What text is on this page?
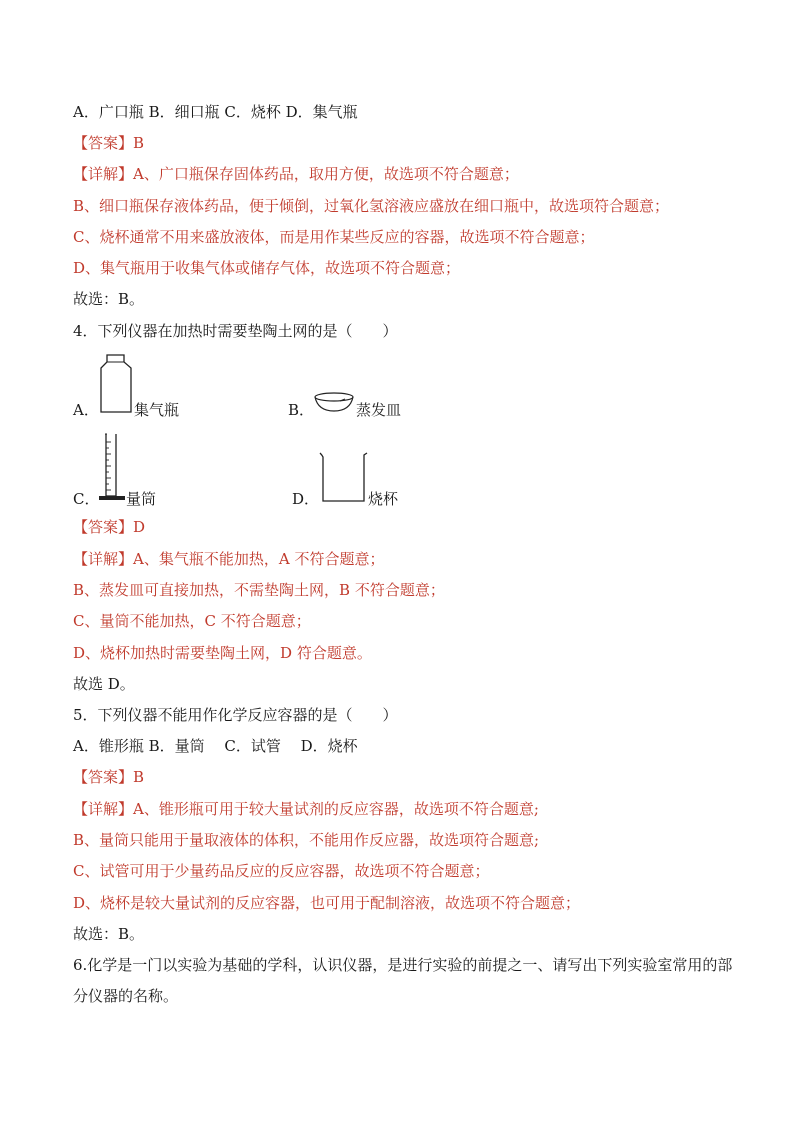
A．广口瓶 B．细口瓶 C．烧杯 D．集气瓶
【答案】B
【详解】A、广口瓶保存固体药品，取用方便，故选项不符合题意；
B、细口瓶保存液体药品，便于倾倒，过氧化氢溶液应盛放在细口瓶中，故选项符合题意；
C、烧杯通常不用来盛放液体，而是用作某些反应的容器，故选项不符合题意；
D、集气瓶用于收集气体或储存气体，故选项不符合题意；
故选：B。
4．下列仪器在加热时需要垫陶土网的是（　　）
A． 集气瓶	B．	蒸发皿
C． 量筒	D．	烧杯
【答案】D
【详解】A、集气瓶不能加热，A 不符合题意；
B、蒸发皿可直接加热，不需垫陶土网，B 不符合题意；
C、量筒不能加热，C 不符合题意；
D、烧杯加热时需要垫陶土网，D 符合题意。
故选 D。
5．下列仪器不能用作化学反应容器的是（　　）
A．锥形瓶 B．量筒　 C．试管　 D．烧杯
【答案】B
【详解】A、锥形瓶可用于较大量试剂的反应容器，故选项不符合题意;
B、量筒只能用于量取液体的体积，不能用作反应器，故选项符合题意;
C、试管可用于少量药品反应的反应容器，故选项不符合题意；
D、烧杯是较大量试剂的反应容器，也可用于配制溶液，故选项不符合题意；
故选：B。
6.化学是一门以实验为基础的学科，认识仪器，是进行实验的前提之一、请写出下列实验室常用的部分仪器的名称。
